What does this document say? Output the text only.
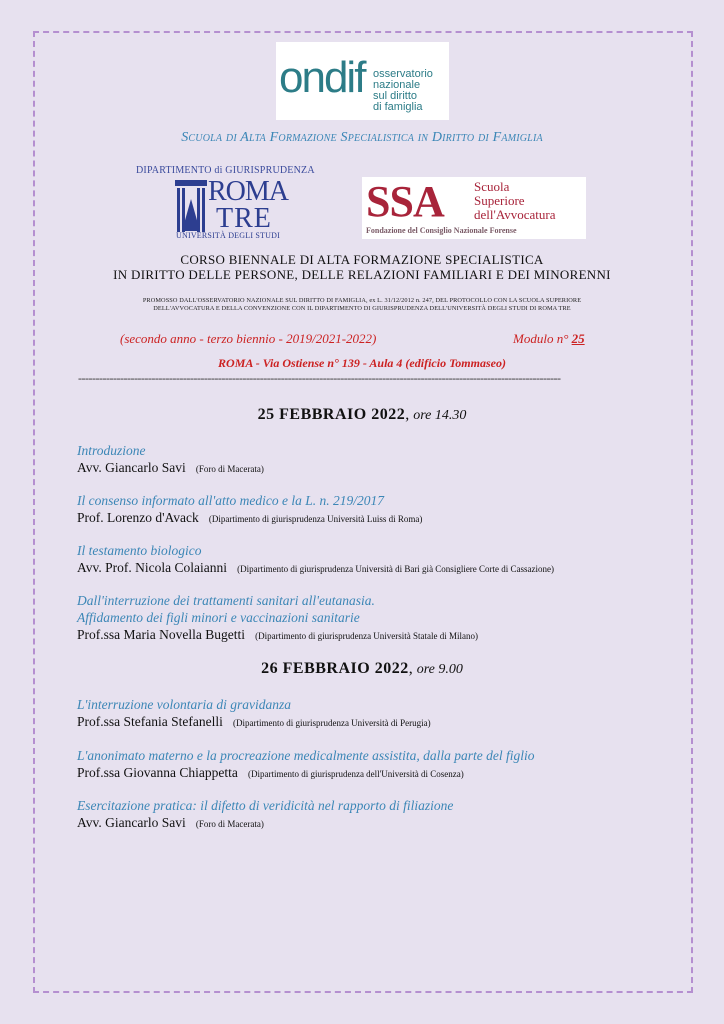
ondif osservatorio
nazionale
sul diritto
di famiglia
Scuola di Alta Formazione Specialistica in Diritto di Famiglia
DIPARTIMENTO di GIURISPRUDENZA
ROMA
TRE
UNIVERSITÀ DEGLI STUDI
SSA Scuola
Superiore
dell'Avvocatura
Fondazione del Consiglio Nazionale Forense
CORSO BIENNALE DI ALTA FORMAZIONE SPECIALISTICA
IN DIRITTO DELLE PERSONE, DELLE RELAZIONI FAMILIARI E DEI MINORENNI
PROMOSSO DALL'OSSERVATORIO NAZIONALE SUL DIRITTO DI FAMIGLIA, ex L. 31/12/2012 n. 247, DEL PROTOCOLLO CON LA SCUOLA SUPERIORE
DELL'AVVOCATURA E DELLA CONVENZIONE CON IL DIPARTIMENTO DI GIURISPRUDENZA DELL'UNIVERSITÀ DEGLI STUDI DI ROMA TRE
(secondo anno - terzo biennio - 2019/2021-2022)	Modulo n° 25
ROMA - Via Ostiense n° 139 - Aula 4 (edificio Tommaseo)
------------------------------------------------------------------------------------------------------------------------------------------
25 FEBBRAIO 2022, ore 14.30
Introduzione
Avv. Giancarlo Savi (Foro di Macerata)
Il consenso informato all'atto medico e la L. n. 219/2017
Prof. Lorenzo d'Avack (Dipartimento di giurisprudenza Università Luiss di Roma)
Il testamento biologico
Avv. Prof. Nicola Colaianni (Dipartimento di giurisprudenza Università di Bari già Consigliere Corte di Cassazione)
Dall'interruzione dei trattamenti sanitari all'eutanasia.
Affidamento dei figli minori e vaccinazioni sanitarie
Prof.ssa Maria Novella Bugetti (Dipartimento di giurisprudenza Università Statale di Milano)
26 FEBBRAIO 2022, ore 9.00
L'interruzione volontaria di gravidanza
Prof.ssa Stefania Stefanelli (Dipartimento di giurisprudenza Università di Perugia)
L'anonimato materno e la procreazione medicalmente assistita, dalla parte del figlio
Prof.ssa Giovanna Chiappetta (Dipartimento di giurisprudenza dell'Università di Cosenza)
Esercitazione pratica: il difetto di veridicità nel rapporto di filiazione
Avv. Giancarlo Savi (Foro di Macerata)
